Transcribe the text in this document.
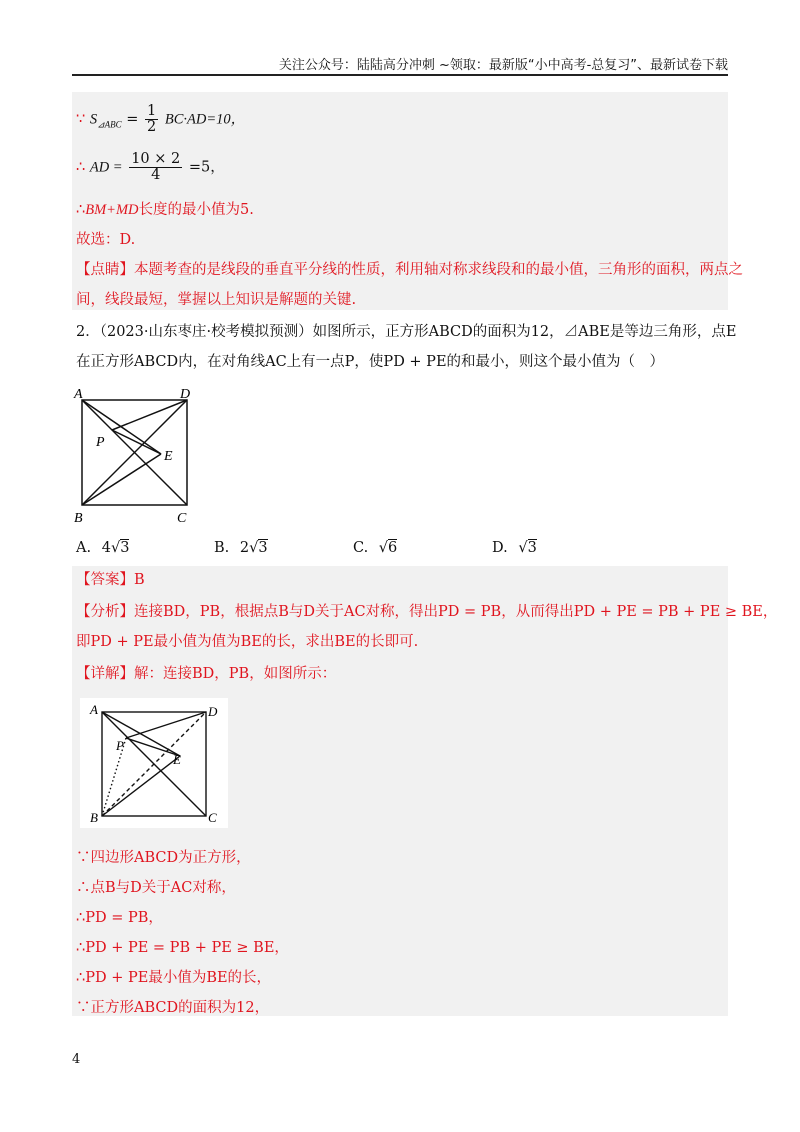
关注公众号：陆陆高分冲刺 ~领取：最新版“小中高考-总复习”、最新试卷下载
∵ $S_{⊿ABC} = \frac{1}{2} BC\cdot AD=10$，
∴ AD = $\frac{10 \times 2}{4} =5$，
∴BM+MD长度的最小值为5.
故选：D.
【点睛】本题考查的是线段的垂直平分线的性质，利用轴对称求线段和的最小值，三角形的面积，两点之
间，线段最短，掌握以上知识是解题的关键.
2．（2023·山东枣庄·校考模拟预测）如图所示，正方形ABCD的面积为12，⊿ABE是等边三角形，点E
在正方形ABCD内，在对角线AC上有一点P，使PD + PE的和最小，则这个最小值为（　）
A	D
B	C
P
E
A. 4√3	B. 2√3	C. √6	D. √3
【答案】B
【分析】连接BD，PB，根据点B与D关于AC对称，得出PD = PB，从而得出PD + PE = PB + PE ≥ BE，
即PD + PE最小值为值为BE的长，求出BE的长即可.
【详解】解：连接BD，PB，如图所示：
A	D
B	C
P
E
∵四边形ABCD为正方形，
∴点B与D关于AC对称，
∴PD = PB，
∴PD + PE = PB + PE ≥ BE，
∴PD + PE最小值为BE的长，
∵正方形ABCD的面积为12，
4
